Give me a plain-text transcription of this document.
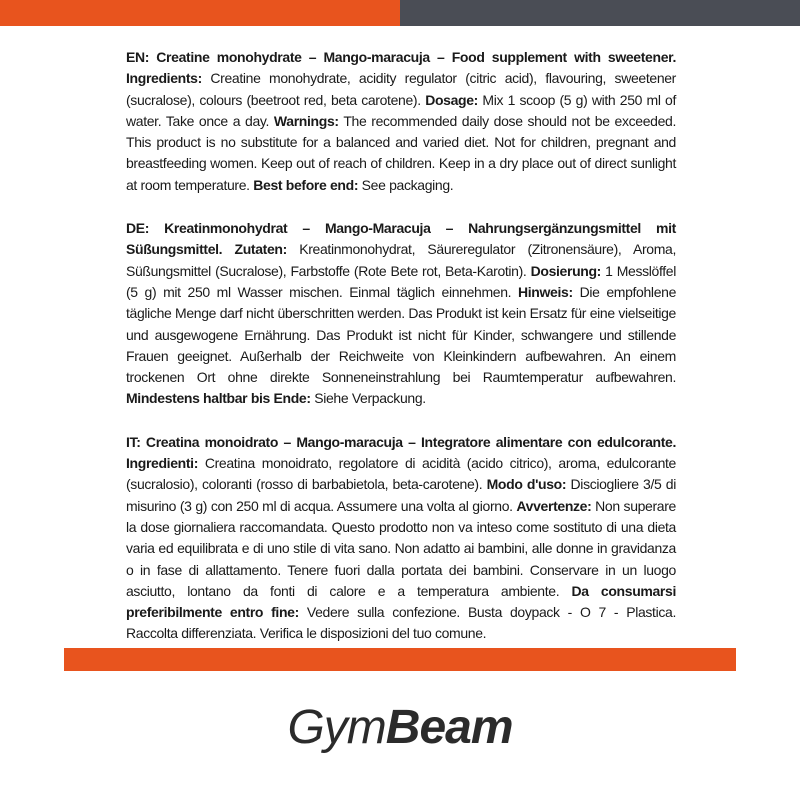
EN: Creatine monohydrate – Mango-maracuja – Food supplement with sweetener. Ingredients: Creatine monohydrate, acidity regulator (citric acid), flavouring, sweetener (sucralose), colours (beetroot red, beta carotene). Dosage: Mix 1 scoop (5 g) with 250 ml of water. Take once a day. Warnings: The recommended daily dose should not be exceeded. This product is no substitute for a balanced and varied diet. Not for children, pregnant and breastfeeding women. Keep out of reach of children. Keep in a dry place out of direct sunlight at room temperature. Best before end: See packaging.

DE: Kreatinmonohydrat – Mango-Maracuja – Nahrungsergänzungsmittel mit Süßungsmittel. Zutaten: Kreatinmonohydrat, Säureregulator (Zitronensäure), Aroma, Süßungsmittel (Sucralose), Farbstoffe (Rote Bete rot, Beta-Karotin). Dosierung: 1 Messlöffel (5 g) mit 250 ml Wasser mischen. Einmal täglich einnehmen. Hinweis: Die empfohlene tägliche Menge darf nicht überschritten werden. Das Produkt ist kein Ersatz für eine vielseitige und ausgewogene Ernährung. Das Produkt ist nicht für Kinder, schwangere und stillende Frauen geeignet. Außerhalb der Reichweite von Kleinkindern aufbewahren. An einem trockenen Ort ohne direkte Sonneneinstrahlung bei Raumtemperatur aufbewahren. Mindestens haltbar bis Ende: Siehe Verpackung.

IT: Creatina monoidrato – Mango-maracuja – Integratore alimentare con edulcorante. Ingredienti: Creatina monoidrato, regolatore di acidità (acido citrico), aroma, edulcorante (sucralosio), coloranti (rosso di barbabietola, beta-carotene). Modo d'uso: Disciogliere 3/5 di misurino (3 g) con 250 ml di acqua. Assumere una volta al giorno. Avvertenze: Non superare la dose giornaliera raccomandata. Questo prodotto non va inteso come sostituto di una dieta varia ed equilibrata e di uno stile di vita sano. Non adatto ai bambini, alle donne in gravidanza o in fase di allattamento. Tenere fuori dalla portata dei bambini. Conservare in un luogo asciutto, lontano da fonti di calore e a temperatura ambiente. Da consumarsi preferibilmente entro fine: Vedere sulla confezione. Busta doypack - O 7 - Plastica. Raccolta differenziata. Verifica le disposizioni del tuo comune.

GymBeam
